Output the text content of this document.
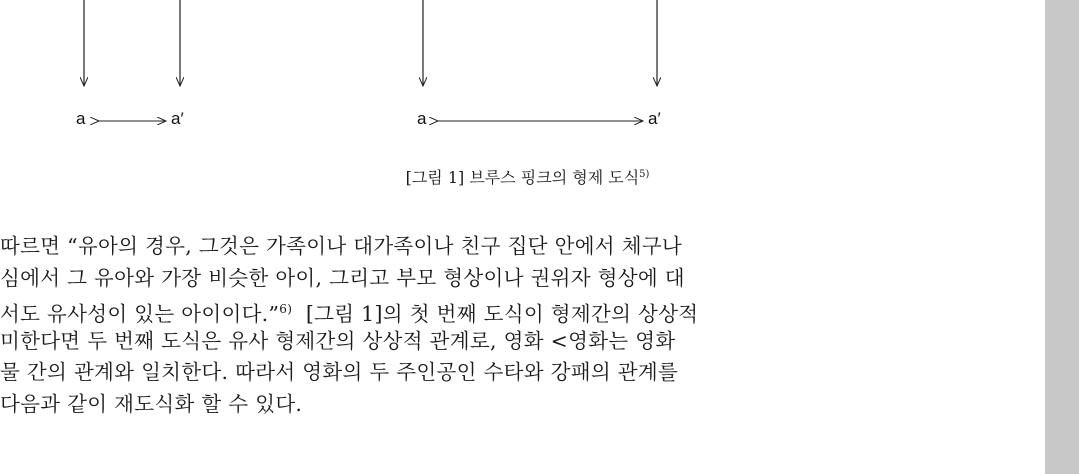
a	a′	a	a′
[그림 1] 브루스 핑크의 형제 도식$^{5)}$
따르면 “유아의 경우, 그것은 가족이나 대가족이나 친구 집단 안에서 체구나
심에서 그 유아와 가장 비슷한 아이, 그리고 부모 형상이나 권위자 형상에 대
서도 유사성이 있는 아이이다.”$^{6)}$  [그림 1]의 첫 번째 도식이 형제간의 상상적
미한다면 두 번째 도식은 유사 형제간의 상상적 관계로, 영화 <영화는 영화
물 간의 관계와 일치한다. 따라서 영화의 두 주인공인 수타와 강패의 관계를
다음과 같이 재도식화 할 수 있다.
